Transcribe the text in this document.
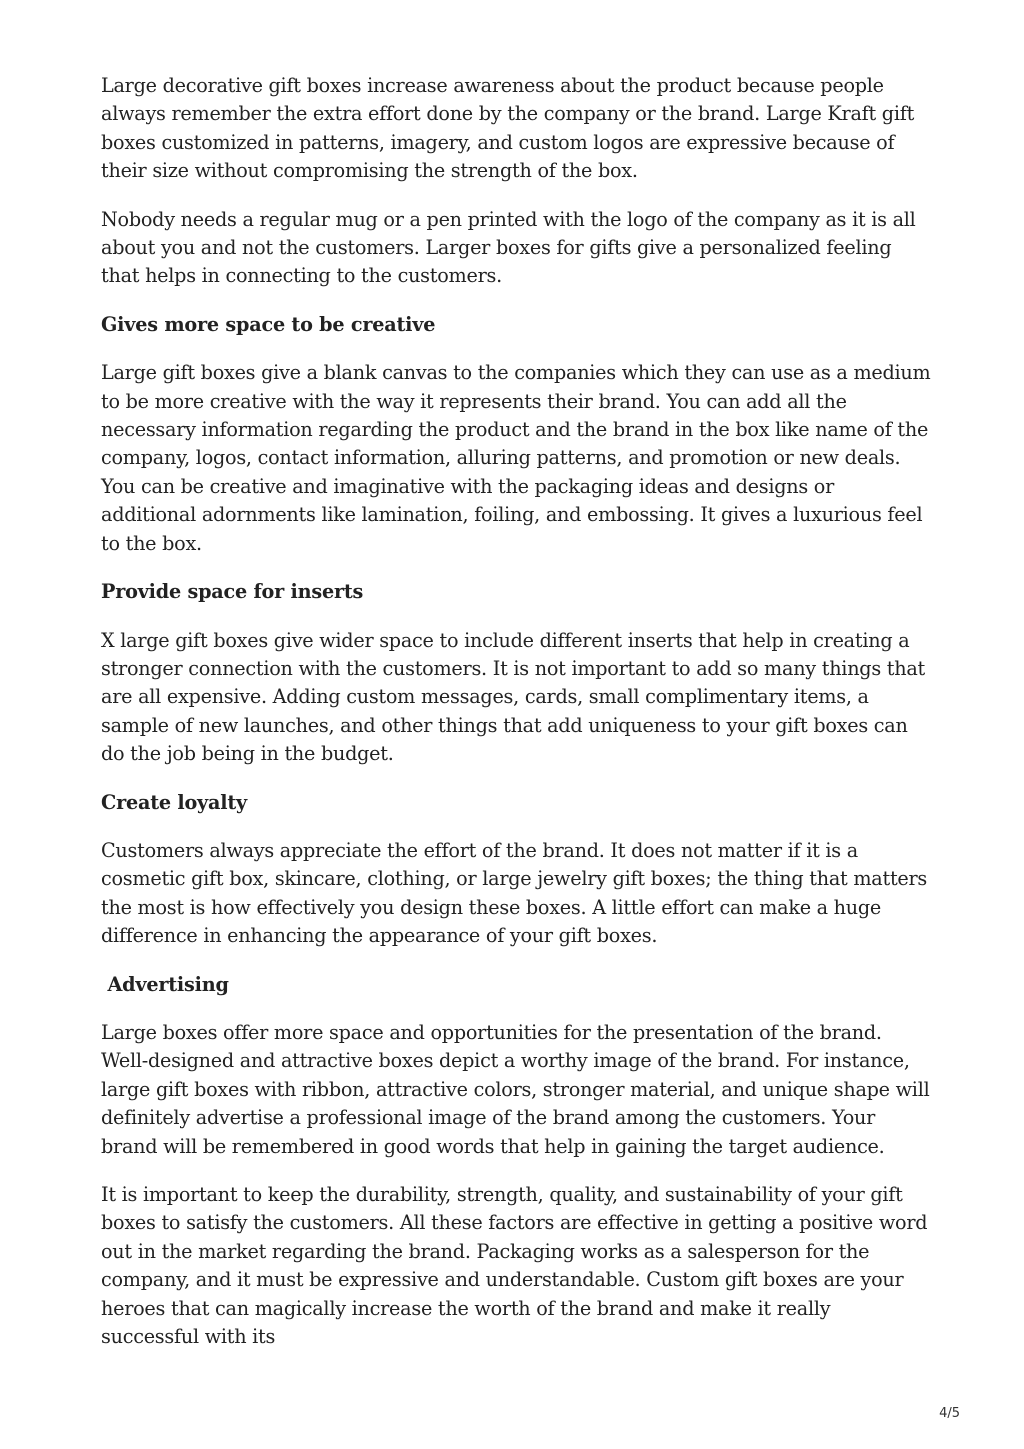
Large decorative gift boxes increase awareness about the product because people always remember the extra effort done by the company or the brand. Large Kraft gift boxes customized in patterns, imagery, and custom logos are expressive because of their size without compromising the strength of the box.

Nobody needs a regular mug or a pen printed with the logo of the company as it is all about you and not the customers. Larger boxes for gifts give a personalized feeling that helps in connecting to the customers.

Gives more space to be creative

Large gift boxes give a blank canvas to the companies which they can use as a medium to be more creative with the way it represents their brand. You can add all the necessary information regarding the product and the brand in the box like name of the company, logos, contact information, alluring patterns, and promotion or new deals. You can be creative and imaginative with the packaging ideas and designs or additional adornments like lamination, foiling, and embossing. It gives a luxurious feel to the box.

Provide space for inserts

X large gift boxes give wider space to include different inserts that help in creating a stronger connection with the customers. It is not important to add so many things that are all expensive. Adding custom messages, cards, small complimentary items, a sample of new launches, and other things that add uniqueness to your gift boxes can do the job being in the budget.

Create loyalty

Customers always appreciate the effort of the brand. It does not matter if it is a cosmetic gift box, skincare, clothing, or large jewelry gift boxes; the thing that matters the most is how effectively you design these boxes. A little effort can make a huge difference in enhancing the appearance of your gift boxes.

Advertising

Large boxes offer more space and opportunities for the presentation of the brand. Well-designed and attractive boxes depict a worthy image of the brand. For instance, large gift boxes with ribbon, attractive colors, stronger material, and unique shape will definitely advertise a professional image of the brand among the customers. Your brand will be remembered in good words that help in gaining the target audience.

It is important to keep the durability, strength, quality, and sustainability of your gift boxes to satisfy the customers. All these factors are effective in getting a positive word out in the market regarding the brand. Packaging works as a salesperson for the company, and it must be expressive and understandable. Custom gift boxes are your heroes that can magically increase the worth of the brand and make it really successful with its

4/5
